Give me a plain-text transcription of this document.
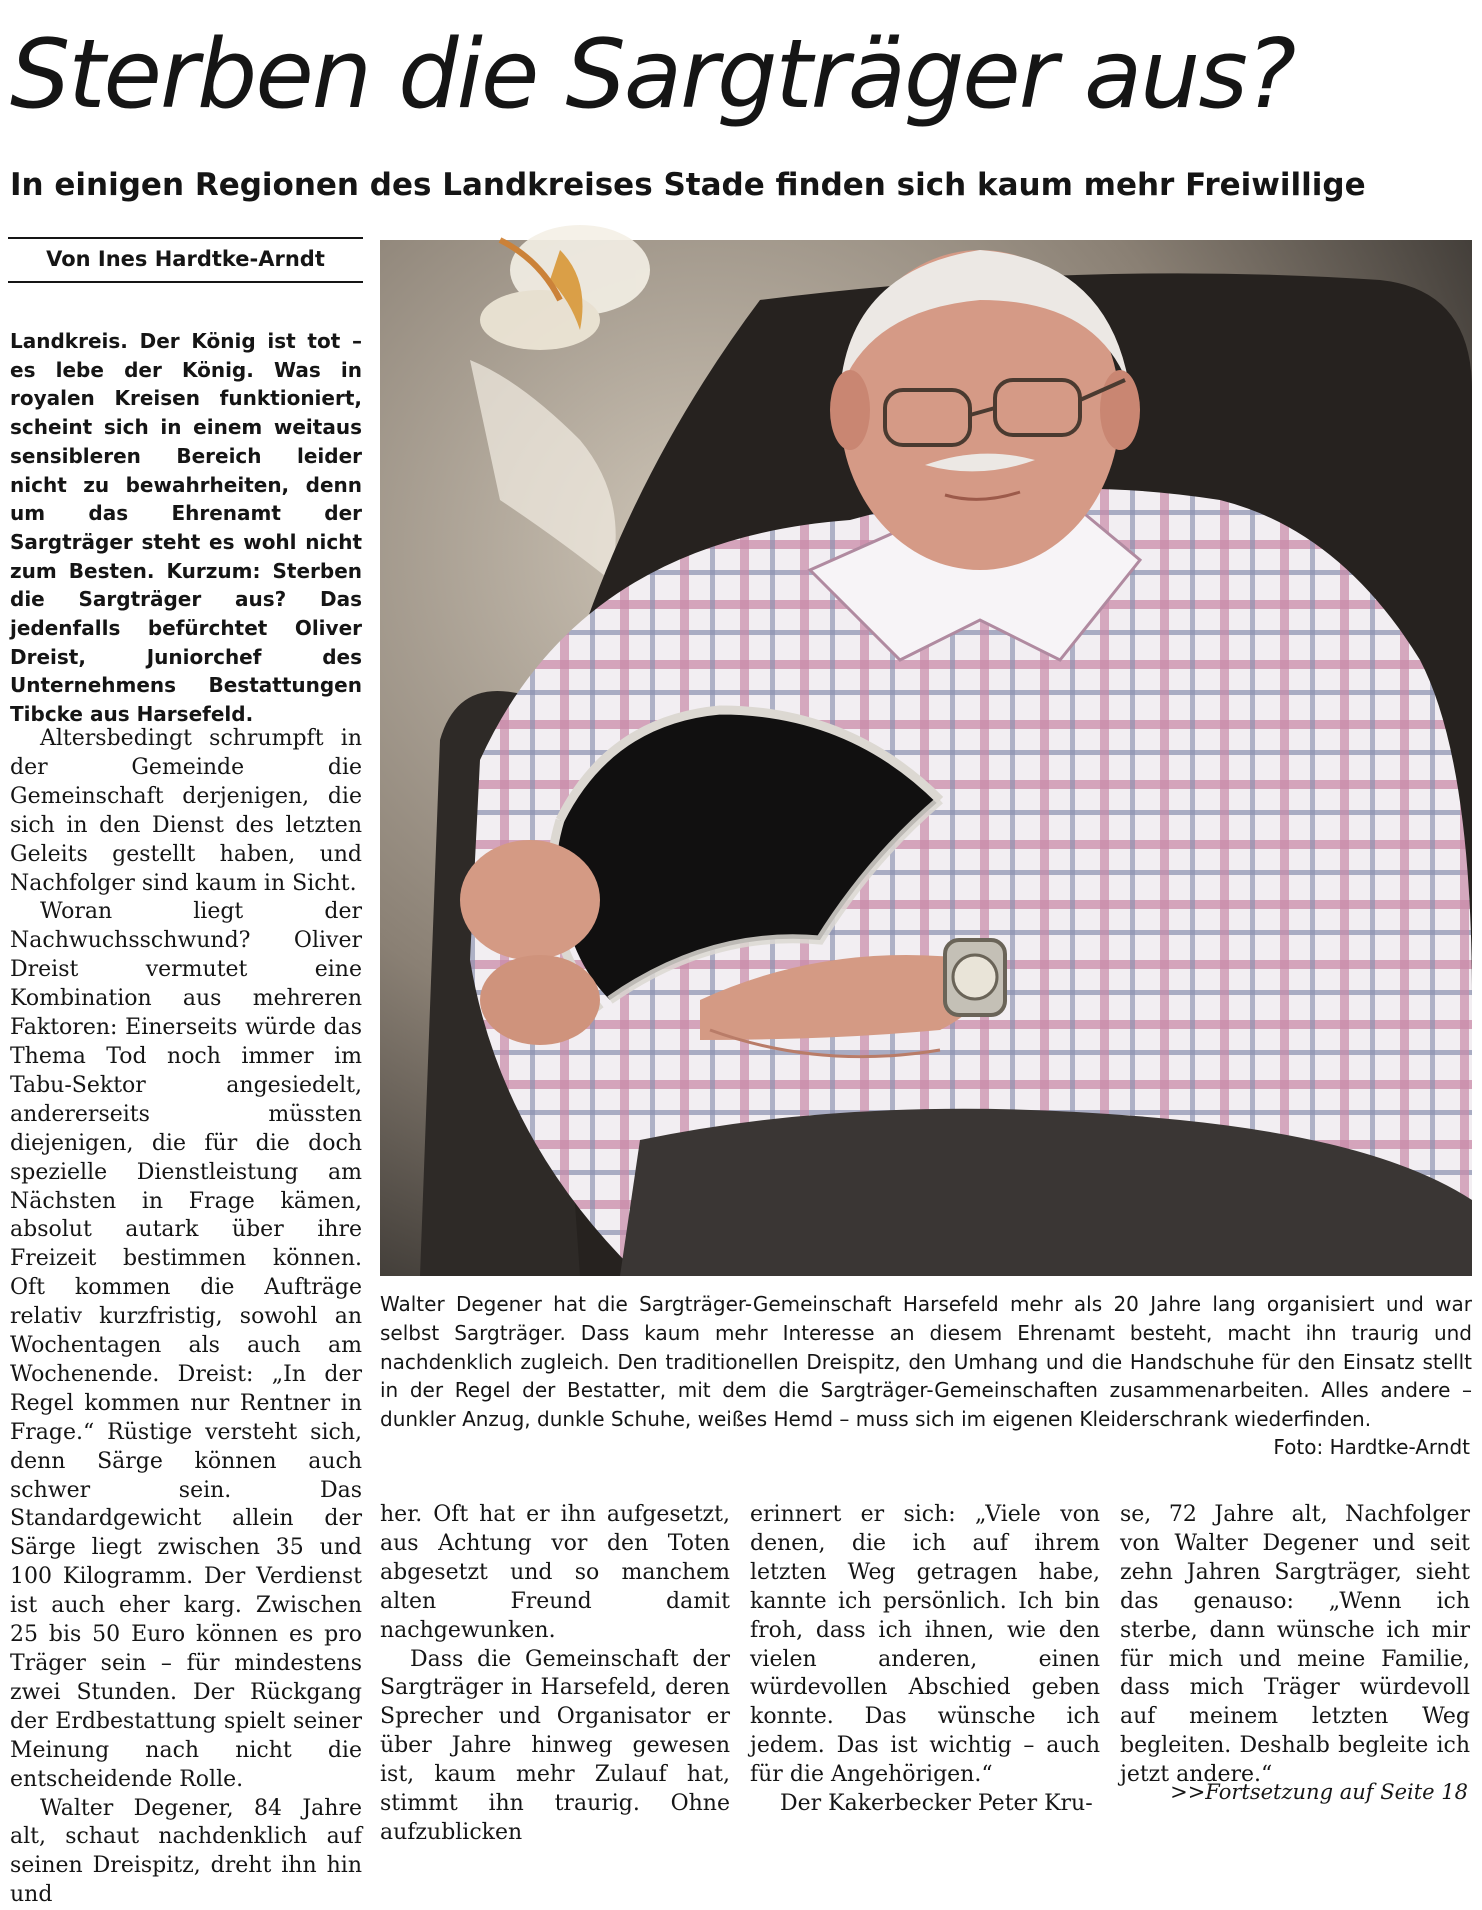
Sterben die Sargträger aus?
In einigen Regionen des Landkreises Stade finden sich kaum mehr Freiwillige
Von Ines Hardtke-Arndt

Landkreis. Der König ist tot – es lebe der König. Was in royalen Kreisen funktioniert, scheint sich in einem weitaus sensibleren Bereich leider nicht zu bewahrheiten, denn um das Ehrenamt der Sargträger steht es wohl nicht zum Besten. Kurzum: Sterben die Sargträger aus? Das jedenfalls befürchtet Oliver Dreist, Juniorchef des Unternehmens Bestattungen Tibcke aus Harsefeld.

Altersbedingt schrumpft in der Gemeinde die Gemeinschaft derjenigen, die sich in den Dienst des letzten Geleits gestellt haben, und Nachfolger sind kaum in Sicht.

Woran liegt der Nachwuchsschwund? Oliver Dreist vermutet eine Kombination aus mehreren Faktoren: Einerseits würde das Thema Tod noch immer im Tabu-Sektor angesiedelt, andererseits müssten diejenigen, die für die doch spezielle Dienstleistung am Nächsten in Frage kämen, absolut autark über ihre Freizeit bestimmen können. Oft kommen die Aufträge relativ kurzfristig, sowohl an Wochentagen als auch am Wochenende. Dreist: „In der Regel kommen nur Rentner in Frage.“ Rüstige versteht sich, denn Särge können auch schwer sein. Das Standardgewicht allein der Särge liegt zwischen 35 und 100 Kilogramm. Der Verdienst ist auch eher karg. Zwischen 25 bis 50 Euro können es pro Träger sein – für mindestens zwei Stunden. Der Rückgang der Erdbestattung spielt seiner Meinung nach nicht die entscheidende Rolle.

Walter Degener, 84 Jahre alt, schaut nachdenklich auf seinen Dreispitz, dreht ihn hin und

Walter Degener hat die Sargträger-Gemeinschaft Harsefeld mehr als 20 Jahre lang organisiert und war selbst Sargträger. Dass kaum mehr Interesse an diesem Ehrenamt besteht, macht ihn traurig und nachdenklich zugleich. Den traditionellen Dreispitz, den Umhang und die Handschuhe für den Einsatz stellt in der Regel der Bestatter, mit dem die Sargträger-Gemeinschaften zusammenarbeiten. Alles andere – dunkler Anzug, dunkle Schuhe, weißes Hemd – muss sich im eigenen Kleiderschrank wiederfinden.

Foto: Hardtke-Arndt

her. Oft hat er ihn aufgesetzt, aus Achtung vor den Toten abgesetzt und so manchem alten Freund damit nachgewunken.

Dass die Gemeinschaft der Sargträger in Harsefeld, deren Sprecher und Organisator er über Jahre hinweg gewesen ist, kaum mehr Zulauf hat, stimmt ihn traurig. Ohne aufzublicken

erinnert er sich: „Viele von denen, die ich auf ihrem letzten Weg getragen habe, kannte ich persönlich. Ich bin froh, dass ich ihnen, wie den vielen anderen, einen würdevollen Abschied geben konnte. Das wünsche ich jedem. Das ist wichtig – auch für die Angehörigen.“

Der Kakerbecker Peter Kru-

se, 72 Jahre alt, Nachfolger von Walter Degener und seit zehn Jahren Sargträger, sieht das genauso: „Wenn ich sterbe, dann wünsche ich mir für mich und meine Familie, dass mich Träger würdevoll auf meinem letzten Weg begleiten. Deshalb begleite ich jetzt andere.“

>>Fortsetzung auf Seite 18
